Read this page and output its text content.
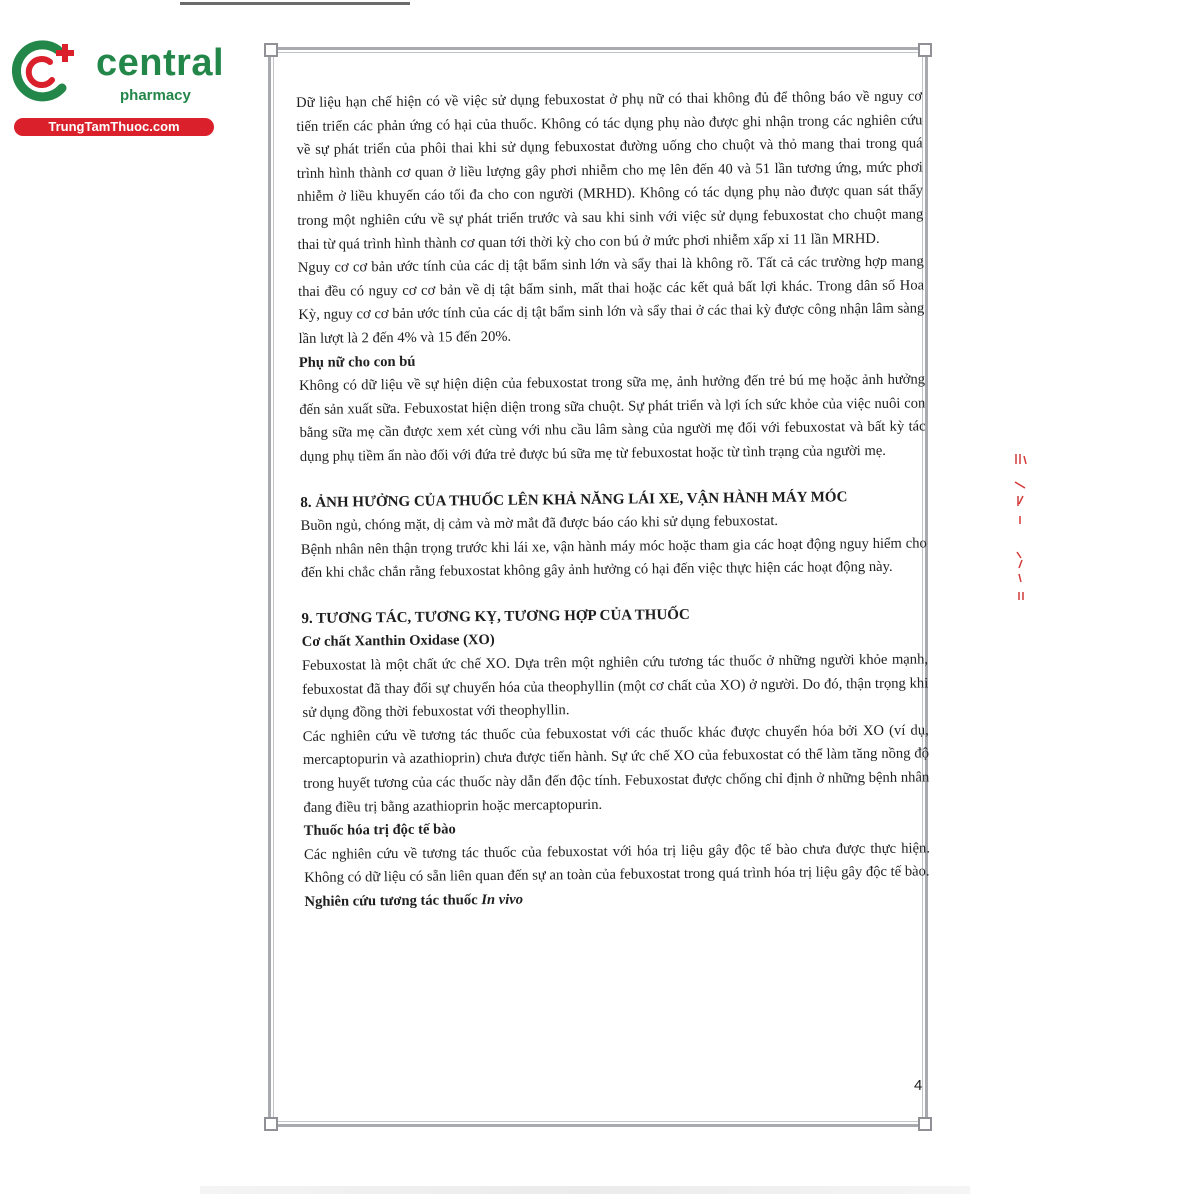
central
pharmacy
TrungTamThuoc.com

Dữ liệu hạn chế hiện có về việc sử dụng febuxostat ở phụ nữ có thai không đủ để thông báo về nguy cơ tiến triển các phản ứng có hại của thuốc. Không có tác dụng phụ nào được ghi nhận trong các nghiên cứu về sự phát triển của phôi thai khi sử dụng febuxostat đường uống cho chuột và thỏ mang thai trong quá trình hình thành cơ quan ở liều lượng gây phơi nhiễm cho mẹ lên đến 40 và 51 lần tương ứng, mức phơi nhiễm ở liều khuyến cáo tối đa cho con người (MRHD). Không có tác dụng phụ nào được quan sát thấy trong một nghiên cứu về sự phát triển trước và sau khi sinh với việc sử dụng febuxostat cho chuột mang thai từ quá trình hình thành cơ quan tới thời kỳ cho con bú ở mức phơi nhiễm xấp xỉ 11 lần MRHD.

Nguy cơ cơ bản ước tính của các dị tật bẩm sinh lớn và sẩy thai là không rõ. Tất cả các trường hợp mang thai đều có nguy cơ cơ bản về dị tật bẩm sinh, mất thai hoặc các kết quả bất lợi khác. Trong dân số Hoa Kỳ, nguy cơ cơ bản ước tính của các dị tật bẩm sinh lớn và sẩy thai ở các thai kỳ được công nhận lâm sàng lần lượt là 2 đến 4% và 15 đến 20%.

Phụ nữ cho con bú

Không có dữ liệu về sự hiện diện của febuxostat trong sữa mẹ, ảnh hưởng đến trẻ bú mẹ hoặc ảnh hưởng đến sản xuất sữa. Febuxostat hiện diện trong sữa chuột. Sự phát triển và lợi ích sức khỏe của việc nuôi con bằng sữa mẹ cần được xem xét cùng với nhu cầu lâm sàng của người mẹ đối với febuxostat và bất kỳ tác dụng phụ tiềm ẩn nào đối với đứa trẻ được bú sữa mẹ từ febuxostat hoặc từ tình trạng của người mẹ.

8. ẢNH HƯỞNG CỦA THUỐC LÊN KHẢ NĂNG LÁI XE, VẬN HÀNH MÁY MÓC

Buồn ngủ, chóng mặt, dị cảm và mờ mắt đã được báo cáo khi sử dụng febuxostat.

Bệnh nhân nên thận trọng trước khi lái xe, vận hành máy móc hoặc tham gia các hoạt động nguy hiểm cho đến khi chắc chắn rằng febuxostat không gây ảnh hưởng có hại đến việc thực hiện các hoạt động này.

9. TƯƠNG TÁC, TƯƠNG KỴ, TƯƠNG HỢP CỦA THUỐC

Cơ chất Xanthin Oxidase (XO)

Febuxostat là một chất ức chế XO. Dựa trên một nghiên cứu tương tác thuốc ở những người khỏe mạnh, febuxostat đã thay đổi sự chuyển hóa của theophyllin (một cơ chất của XO) ở người. Do đó, thận trọng khi sử dụng đồng thời febuxostat với theophyllin.

Các nghiên cứu về tương tác thuốc của febuxostat với các thuốc khác được chuyển hóa bởi XO (ví dụ, mercaptopurin và azathioprin) chưa được tiến hành. Sự ức chế XO của febuxostat có thể làm tăng nồng độ trong huyết tương của các thuốc này dẫn đến độc tính. Febuxostat được chống chỉ định ở những bệnh nhân đang điều trị bằng azathioprin hoặc mercaptopurin.

Thuốc hóa trị độc tế bào

Các nghiên cứu về tương tác thuốc của febuxostat với hóa trị liệu gây độc tế bào chưa được thực hiện. Không có dữ liệu có sẵn liên quan đến sự an toàn của febuxostat trong quá trình hóa trị liệu gây độc tế bào.

Nghiên cứu tương tác thuốc In vivo

4
